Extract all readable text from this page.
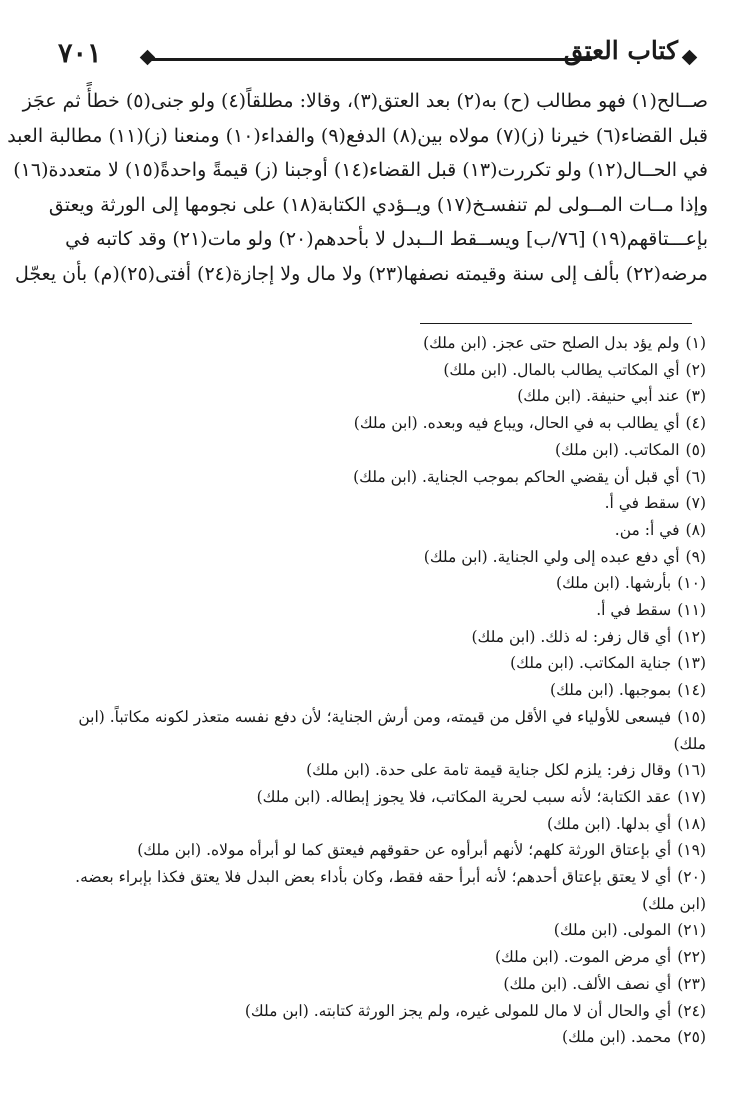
٧٠١	كتاب العتق
صــالح(١) فهو مطالب (ح) به(٢) بعد العتق(٣)، وقالا: مطلقاً(٤) ولو جنى(٥) خطأً ثم عجَز
قبل القضاء(٦) خيرنا (ز)(٧) مولاه بين(٨) الدفع(٩) والفداء(١٠) ومنعنا (ز)(١١) مطالبة العبد
في الحــال(١٢) ولو تكررت(١٣) قبل القضاء(١٤) أوجبنا (ز) قيمةً واحدةً(١٥) لا متعددة(١٦)
وإذا مــات المــولى لم تنفسـخ(١٧) ويــؤدي الكتابة(١٨) على نجومها إلى الورثة ويعتق
بإعـــتاقهم(١٩) [٧٦/ب] ويســقط الــبدل لا بأحدهم(٢٠) ولو مات(٢١) وقد كاتبه في
مرضه(٢٢) بألف إلى سنة وقيمته نصفها(٢٣) ولا مال ولا إجازة(٢٤) أفتى(٢٥)(م) بأن يعجّل
(١)ولم يؤد بدل الصلح حتى عجز. (ابن ملك)
(٢)أي المكاتب يطالب بالمال. (ابن ملك)
(٣)عند أبي حنيفة. (ابن ملك)
(٤)أي يطالب به في الحال، ويباع فيه وبعده. (ابن ملك)
(٥)المكاتب. (ابن ملك)
(٦)أي قبل أن يقضي الحاكم بموجب الجناية. (ابن ملك)
(٧)سقط في أ.
(٨)في أ: من.
(٩)أي دفع عبده إلى ولي الجناية. (ابن ملك)
(١٠)بأرشها. (ابن ملك)
(١١)سقط في أ.
(١٢)أي قال زفر: له ذلك. (ابن ملك)
(١٣)جناية المكاتب. (ابن ملك)
(١٤)بموجبها. (ابن ملك)
(١٥)فيسعى للأولياء في الأقل من قيمته، ومن أرش الجناية؛ لأن دفع نفسه متعذر لكونه مكاتباً. (ابن ملك)
(١٦)وقال زفر: يلزم لكل جناية قيمة تامة على حدة. (ابن ملك)
(١٧)عقد الكتابة؛ لأنه سبب لحرية المكاتب، فلا يجوز إبطاله. (ابن ملك)
(١٨)أي بدلها. (ابن ملك)
(١٩)أي بإعتاق الورثة كلهم؛ لأنهم أبرأوه عن حقوقهم فيعتق كما لو أبرأه مولاه. (ابن ملك)
(٢٠)أي لا يعتق بإعتاق أحدهم؛ لأنه أبرأ حقه فقط، وكان بأداء بعض البدل فلا يعتق فكذا بإبراء بعضه. (ابن ملك)
(٢١)المولى. (ابن ملك)
(٢٢)أي مرض الموت. (ابن ملك)
(٢٣)أي نصف الألف. (ابن ملك)
(٢٤)أي والحال أن لا مال للمولى غيره، ولم يجز الورثة كتابته. (ابن ملك)
(٢٥)محمد. (ابن ملك)
